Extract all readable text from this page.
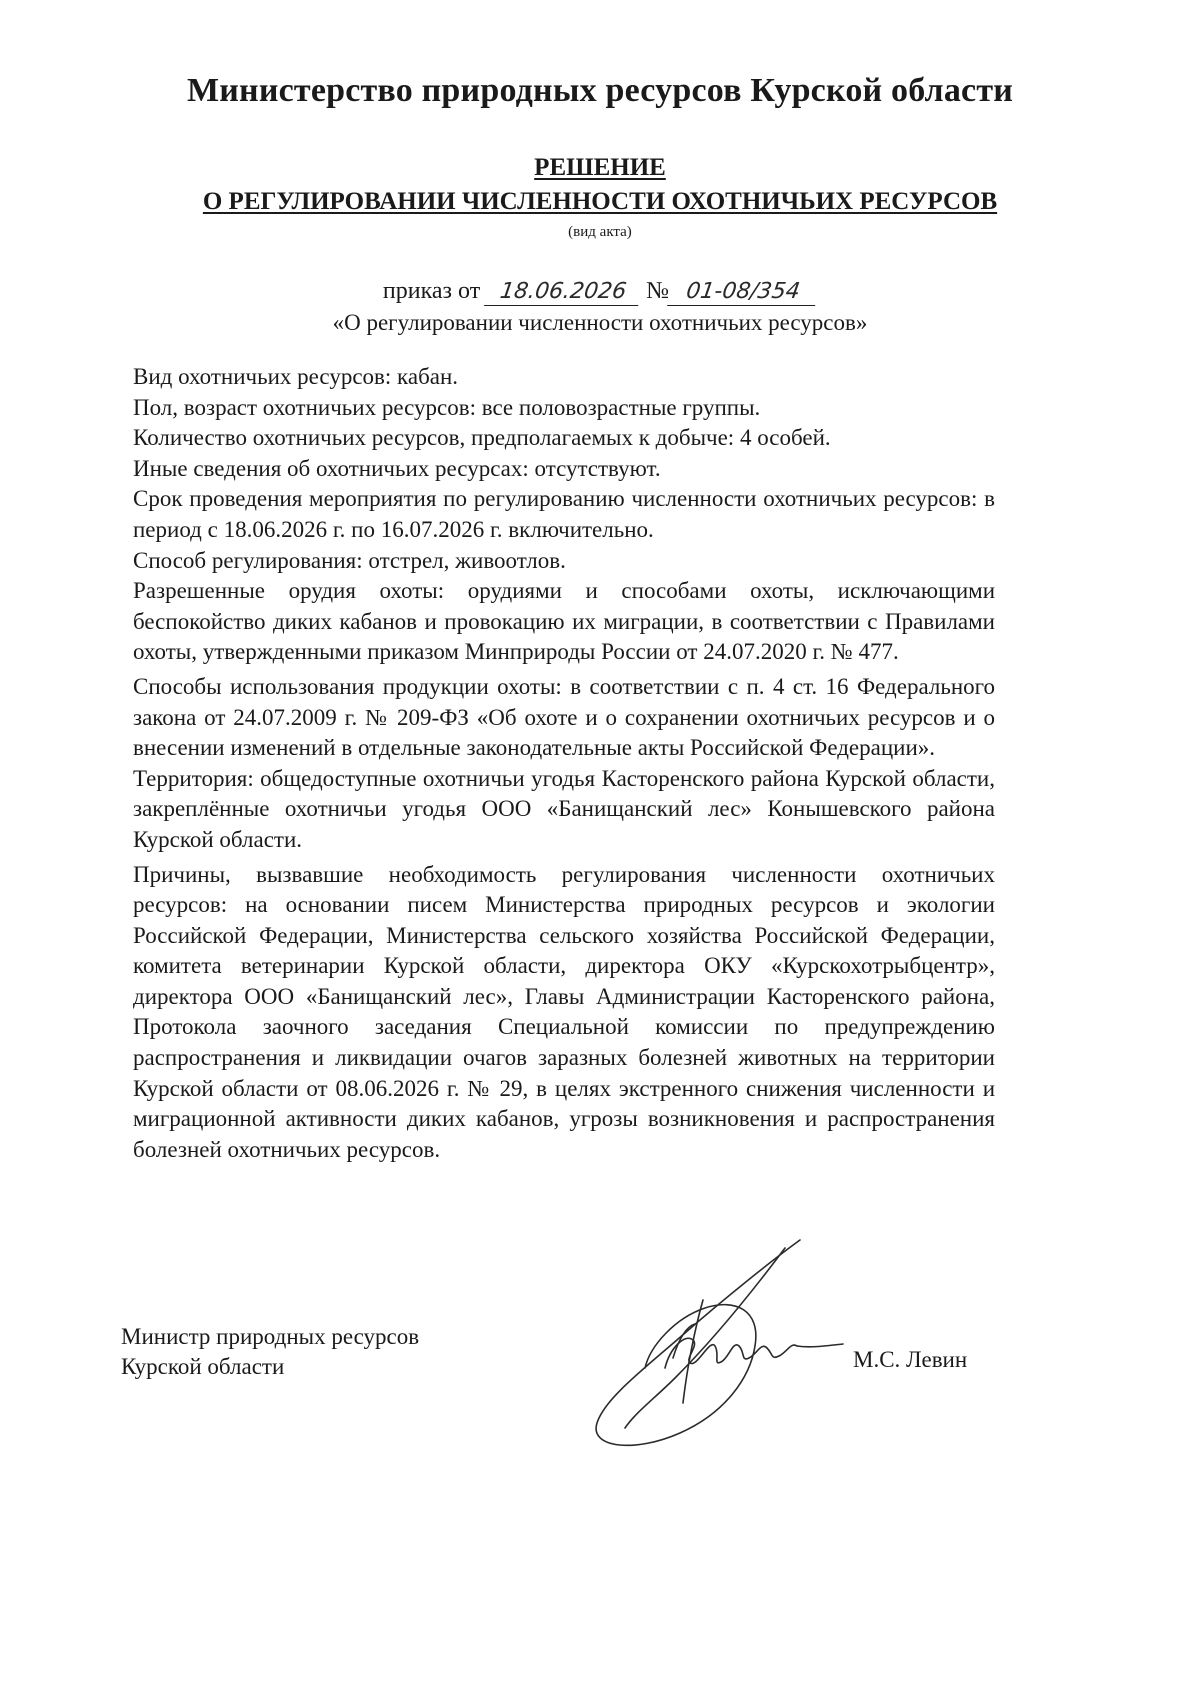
Министерство природных ресурсов Курской области
РЕШЕНИЕ
О РЕГУЛИРОВАНИИ ЧИСЛЕННОСТИ ОХОТНИЧЬИХ РЕСУРСОВ
(вид акта)
приказ от 18.06.2026 № 01-08/354
«О регулировании численности охотничьих ресурсов»

Вид охотничьих ресурсов: кабан.

Пол, возраст охотничьих ресурсов: все половозрастные группы.

Количество охотничьих ресурсов, предполагаемых к добыче: 4 особей.

Иные сведения об охотничьих ресурсах: отсутствуют.

Срок проведения мероприятия по регулированию численности охотничьих ресурсов: в период с 18.06.2026 г. по 16.07.2026 г. включительно.

Способ регулирования: отстрел, живоотлов.

Разрешенные орудия охоты: орудиями и способами охоты, исключающими беспокойство диких кабанов и провокацию их миграции, в соответствии с Правилами охоты, утвержденными приказом Минприроды России от 24.07.2020 г. № 477.

Способы использования продукции охоты: в соответствии с п. 4 ст. 16 Федерального закона от 24.07.2009 г. № 209-ФЗ «Об охоте и о сохранении охотничьих ресурсов и о внесении изменений в отдельные законодательные акты Российской Федерации».

Территория: общедоступные охотничьи угодья Касторенского района Курской области, закреплённые охотничьи угодья ООО «Банищанский лес» Конышевского района Курской области.

Причины, вызвавшие необходимость регулирования численности охотничьих ресурсов: на основании писем Министерства природных ресурсов и экологии Российской Федерации, Министерства сельского хозяйства Российской Федерации, комитета ветеринарии Курской области, директора ОКУ «Курскохотрыбцентр», директора ООО «Банищанский лес», Главы Администрации Касторенского района, Протокола заочного заседания Специальной комиссии по предупреждению распространения и ликвидации очагов заразных болезней животных на территории Курской области от 08.06.2026 г. № 29, в целях экстренного снижения численности и миграционной активности диких кабанов, угрозы возникновения и распространения болезней охотничьих ресурсов.

Министр природных ресурсов
Курской области	М.С. Левин
